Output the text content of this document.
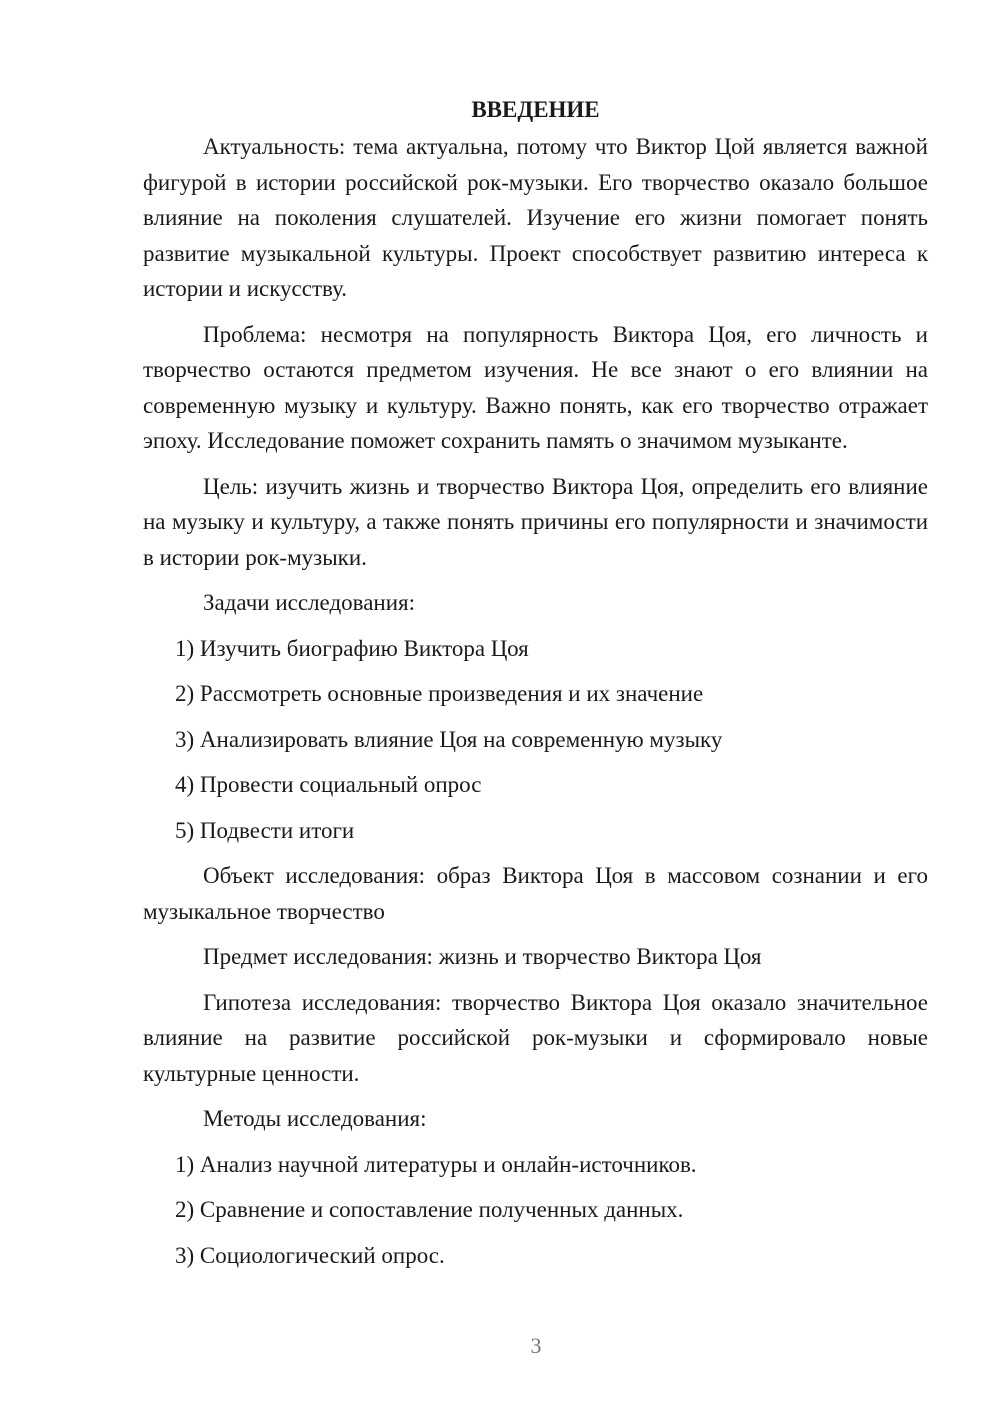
ВВЕДЕНИЕ

Актуальность: тема актуальна, потому что Виктор Цой является важной фигурой в истории российской рок-музыки. Его творчество оказало большое влияние на поколения слушателей. Изучение его жизни помогает понять развитие музыкальной культуры. Проект способствует развитию интереса к истории и искусству.

Проблема: несмотря на популярность Виктора Цоя, его личность и творчество остаются предметом изучения. Не все знают о его влиянии на современную музыку и культуру. Важно понять, как его творчество отражает эпоху. Исследование поможет сохранить память о значимом музыканте.

Цель: изучить жизнь и творчество Виктора Цоя, определить его влияние на музыку и культуру, а также понять причины его популярности и значимости в истории рок-музыки.

Задачи исследования:

1) Изучить биографию Виктора Цоя
2) Рассмотреть основные произведения и их значение
3) Анализировать влияние Цоя на современную музыку
4) Провести социальный опрос
5) Подвести итоги

Объект исследования: образ Виктора Цоя в массовом сознании и его музыкальное творчество

Предмет исследования: жизнь и творчество Виктора Цоя

Гипотеза исследования: творчество Виктора Цоя оказало значительное влияние на развитие российской рок-музыки и сформировало новые культурные ценности.

Методы исследования:

1) Анализ научной литературы и онлайн-источников.
2) Сравнение и сопоставление полученных данных.
3) Социологический опрос.
3
